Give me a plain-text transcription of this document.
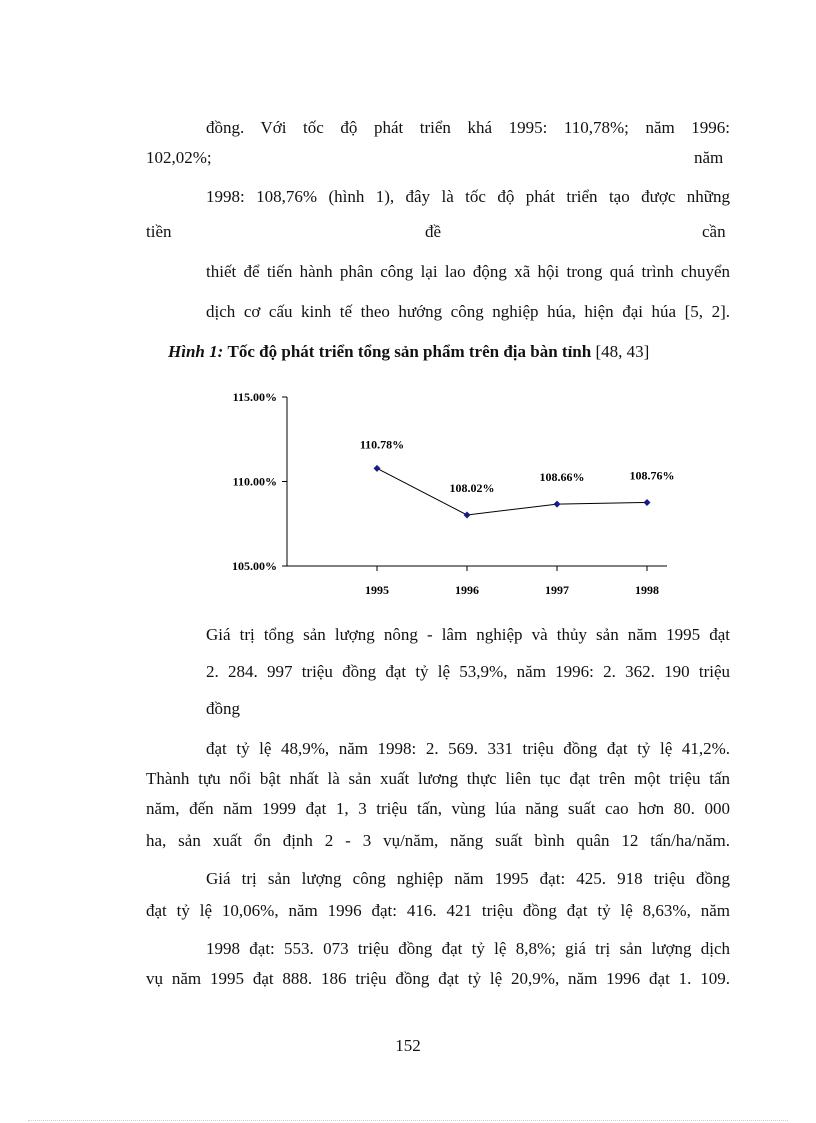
đồng. Với tốc độ phát triển khá 1995: 110,78%; năm 1996:
102,02%;	năm
1998: 108,76% (hình 1), đây là tốc độ phát triển tạo được những
tiền	đề	cần
thiết để tiến hành phân công lại lao động xã hội trong quá trình chuyển
dịch cơ cấu kinh tế theo hướng công nghiệp húa, hiện đại húa [5, 2].
Hình 1: Tốc độ phát triển tổng sản phẩm trên địa bàn tỉnh [48, 43]
105.00%
110.00%
115.00%
1995	1996	1997	1998
110.78%
108.02%
108.66%	108.76%
Giá trị tổng sản lượng nông - lâm nghiệp và thủy sản năm 1995 đạt
2. 284. 997 triệu đồng đạt tỷ lệ 53,9%, năm 1996: 2. 362. 190 triệu
đồng
đạt tỷ lệ 48,9%, năm 1998: 2. 569. 331 triệu đồng đạt tỷ lệ 41,2%.
Thành tựu nổi bật nhất là sản xuất lương thực liên tục đạt trên một triệu tấn
năm, đến năm 1999 đạt 1, 3 triệu tấn, vùng lúa năng suất cao hơn 80. 000
ha, sản xuất ổn định 2 - 3 vụ/năm, năng suất bình quân 12 tấn/ha/năm.
Giá trị sản lượng công nghiệp năm 1995 đạt: 425. 918 triệu đồng
đạt tỷ lệ 10,06%, năm 1996 đạt: 416. 421 triệu đồng đạt tỷ lệ 8,63%, năm
1998 đạt: 553. 073 triệu đồng đạt tỷ lệ 8,8%; giá trị sản lượng dịch
vụ năm 1995 đạt 888. 186 triệu đồng đạt tỷ lệ 20,9%, năm 1996 đạt 1. 109.
152
